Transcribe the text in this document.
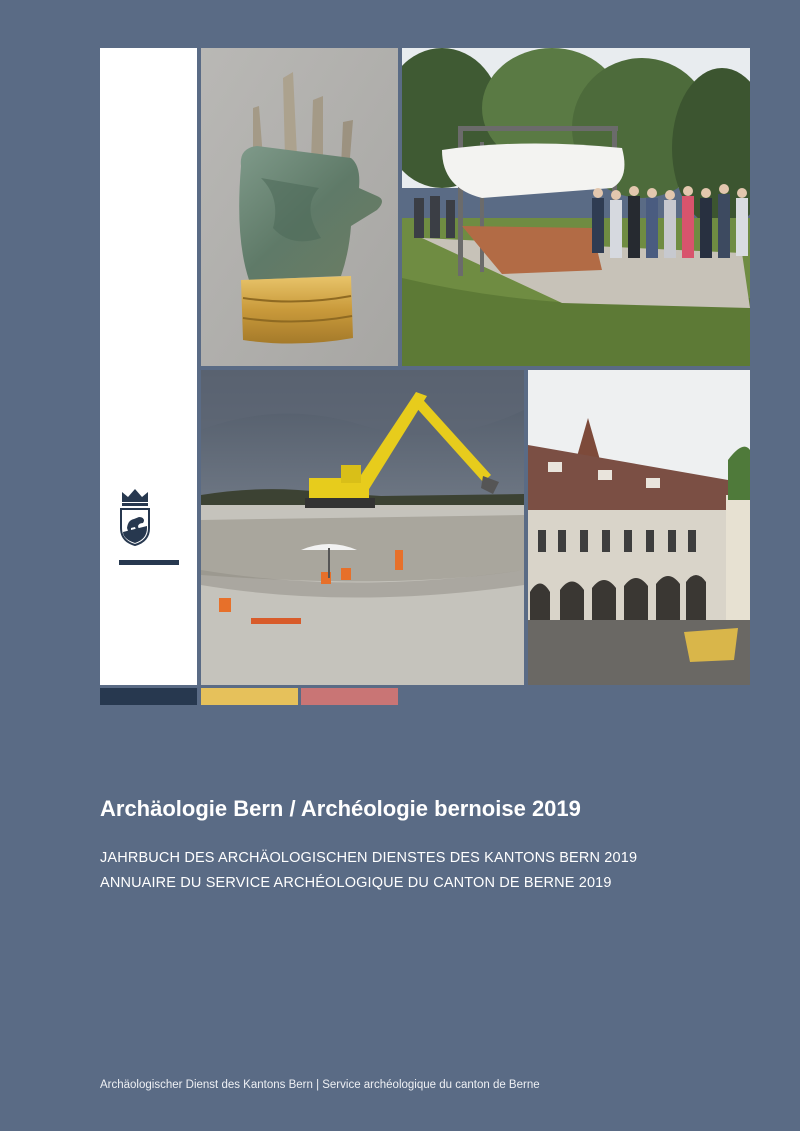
Archäologie Bern / Archéologie bernoise 2019
JAHRBUCH DES ARCHÄOLOGISCHEN DIENSTES DES KANTONS BERN 2019
ANNUAIRE DU SERVICE ARCHÉOLOGIQUE DU CANTON DE BERNE 2019
Archäologischer Dienst des Kantons Bern | Service archéologique du canton de Berne
